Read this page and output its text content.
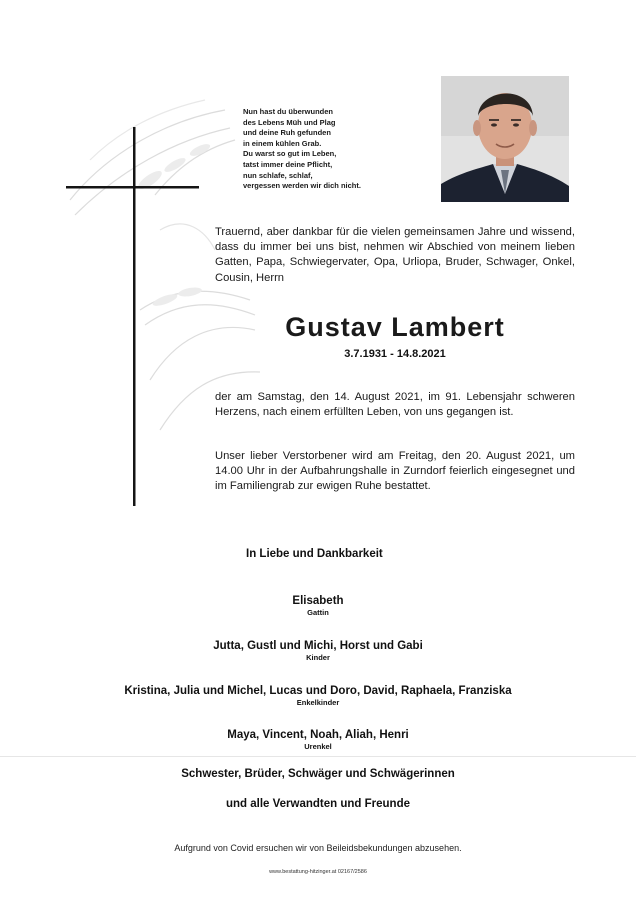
Nun hast du überwunden
des Lebens Müh und Plag
und deine Ruh gefunden
in einem kühlen Grab.
Du warst so gut im Leben,
tatst immer deine Pflicht,
nun schlafe, schlaf,
vergessen werden wir dich nicht.
Trauernd, aber dankbar für die vielen gemeinsamen Jahre und wissend, dass du immer bei uns bist, nehmen wir Abschied von meinem lieben Gatten, Papa, Schwiegervater, Opa, Urliopa, Bruder, Schwager, Onkel, Cousin, Herrn
Gustav Lambert
3.7.1931 - 14.8.2021
der am Samstag, den 14. August 2021, im 91. Lebensjahr schweren Herzens, nach einem erfüllten Leben, von uns gegangen ist.
Unser lieber Verstorbener wird am Freitag, den 20. August 2021, um 14.00 Uhr in der Aufbahrungshalle in Zurndorf feierlich eingesegnet und im Familiengrab zur ewigen Ruhe bestattet.
In Liebe und Dankbarkeit
Elisabeth
Gattin
Jutta, Gustl und Michi, Horst und Gabi
Kinder
Kristina, Julia und Michel, Lucas und Doro, David, Raphaela, Franziska
Enkelkinder
Maya, Vincent, Noah, Aliah, Henri
Urenkel
Schwester, Brüder, Schwäger und Schwägerinnen
und alle Verwandten und Freunde
Aufgrund von Covid ersuchen wir von Beileidsbekundungen abzusehen.
www.bestattung-hitzinger.at 02167/2586
